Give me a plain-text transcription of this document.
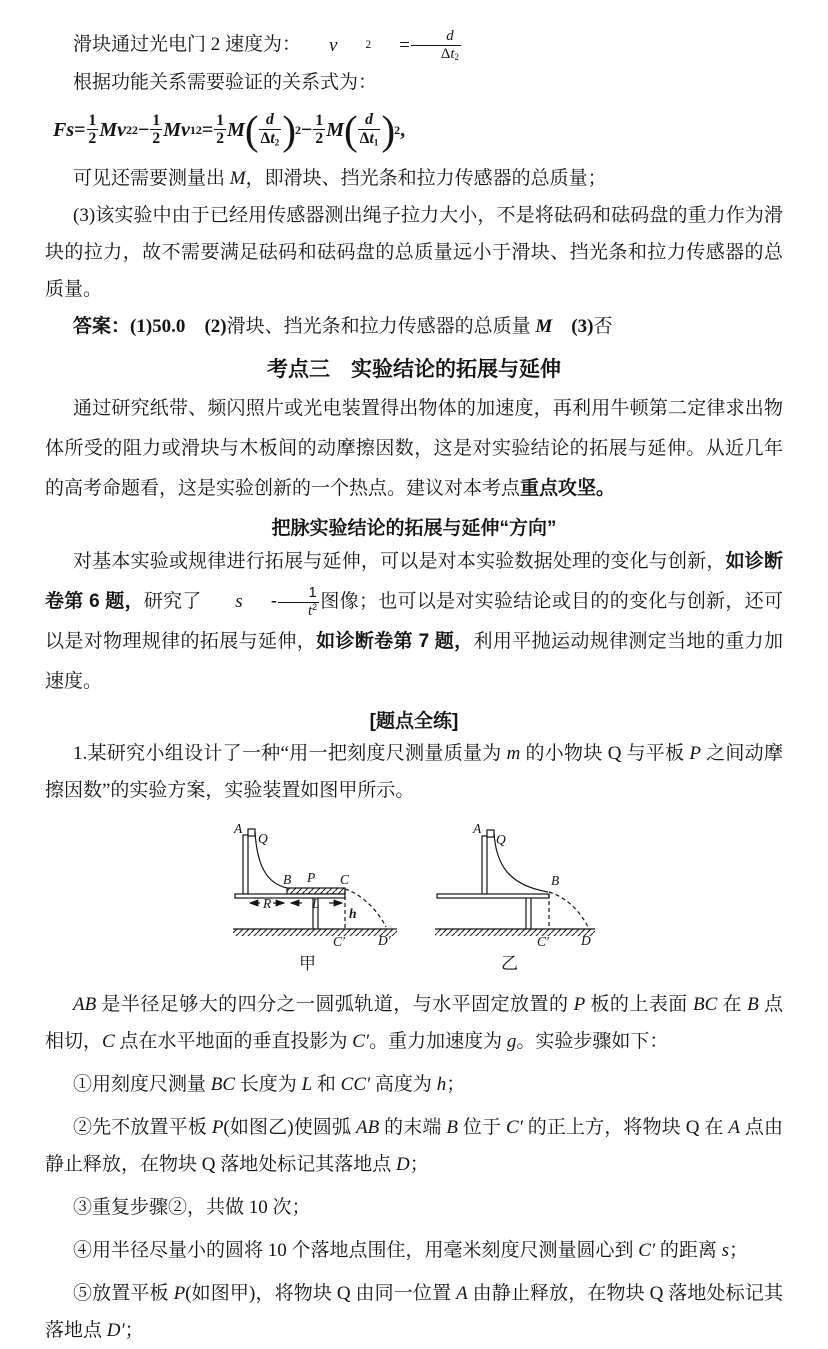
滑块通过光电门 2 速度为：	v	2	= $\frac{d}{\Delta t_2}$

根据功能关系需要验证的关系式为：

$Fs = \frac{1}{2}$ Mv 2 $2 - \frac{1}{2}$ Mv 1 $2 = \frac{1}{2}$ M ( $\frac{d}{\Delta t_2}$ ) $2 - \frac{1}{2}$ M ( $\frac{d}{\Delta t_1}$ ) 2 ,

可见还需要测量出 M，即滑块、挡光条和拉力传感器的总质量；

(3)该实验中由于已经用传感器测出绳子拉力大小，不是将砝码和砝码盘的重力作为滑块的拉力，故不需要满足砝码和砝码盘的总质量远小于滑块、挡光条和拉力传感器的总质量。

答案：(1)50.0　 (2)滑块、挡光条和拉力传感器的总质量 M　 (3)否

考点三　实验结论的拓展与延伸

通过研究纸带、频闪照片或光电装置得出物体的加速度，再利用牛顿第二定律求出物体所受的阻力或滑块与木板间的动摩擦因数，这是对实验结论的拓展与延伸。从近几年的高考命题看，这是实验创新的一个热点。建议对本考点重点攻坚。

把脉实验结论的拓展与延伸“方向”

对基本实验或规律进行拓展与延伸，可以是对本实验数据处理的变化与创新，如诊断卷第 6 题，研究了	s	- $\frac{1}{t^2}$ 图像；也可以是对实验结论或目的的变化与创新，还可以是对物理规律的拓展与延伸，如诊断卷第 7 题，利用平抛运动规律测定当地的重力加速度。

[题点全练]

1.某研究小组设计了一种“用一把刻度尺测量质量为 m 的小物块 Q 与平板 P 之间动摩擦因数”的实验方案，实验装置如图甲所示。

A
Q
B P C
R	L
h
C′ D′
甲
A
Q
B
C′ D
乙

AB 是半径足够大的四分之一圆弧轨道，与水平固定放置的 P 板的上表面 BC 在 B 点相切，C 点在水平地面的垂直投影为 C′。重力加速度为 g。实验步骤如下：

①用刻度尺测量 BC 长度为 L 和 CC′ 高度为 h；

②先不放置平板 P(如图乙)使圆弧 AB 的末端 B 位于 C′ 的正上方，将物块 Q 在 A 点由静止释放，在物块 Q 落地处标记其落地点 D；

③重复步骤②，共做 10 次；

④用半径尽量小的圆将 10 个落地点围住，用毫米刻度尺测量圆心到 C′ 的距离 s；

⑤放置平板 P(如图甲)，将物块 Q 由同一位置 A 由静止释放，在物块 Q 落地处标记其落地点 D′；
